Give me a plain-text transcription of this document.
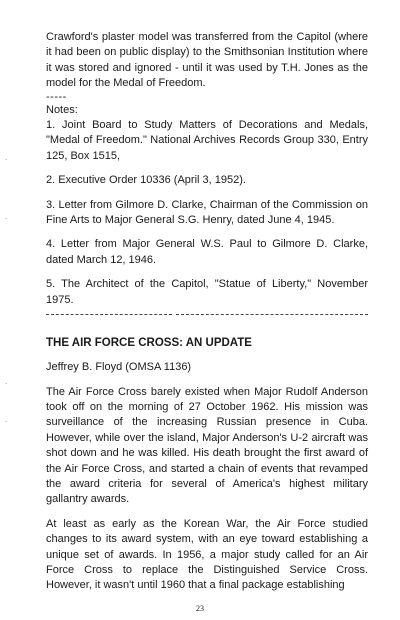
Crawford's plaster model was transferred from the Capitol (where it had been on public display) to the Smithsonian Institution where it was stored and ignored - until it was used by T.H. Jones as the model for the Medal of Freedom.

-----

Notes:

1. Joint Board to Study Matters of Decorations and Medals, "Medal of Freedom." National Archives Records Group 330, Entry 125, Box 1515,

2. Executive Order 10336 (April 3, 1952).

3. Letter from Gilmore D. Clarke, Chairman of the Commission on Fine Arts to Major General S.G. Henry, dated June 4, 1945.

4. Letter from Major General W.S. Paul to Gilmore D. Clarke, dated March 12, 1946.

5. The Architect of the Capitol, "Statue of Liberty," November 1975.

THE AIR FORCE CROSS: AN UPDATE

Jeffrey B. Floyd (OMSA 1136)

The Air Force Cross barely existed when Major Rudolf Anderson took off on the morning of 27 October 1962. His mission was surveillance of the increasing Russian presence in Cuba. However, while over the island, Major Anderson's U-2 aircraft was shot down and he was killed. His death brought the first award of the Air Force Cross, and started a chain of events that revamped the award criteria for several of America's highest military gallantry awards.

At least as early as the Korean War, the Air Force studied changes to its award system, with an eye toward establishing a unique set of awards. In 1956, a major study called for an Air Force Cross to replace the Distinguished Service Cross. However, it wasn't until 1960 that a final package establishing

·
·
·
·
23
